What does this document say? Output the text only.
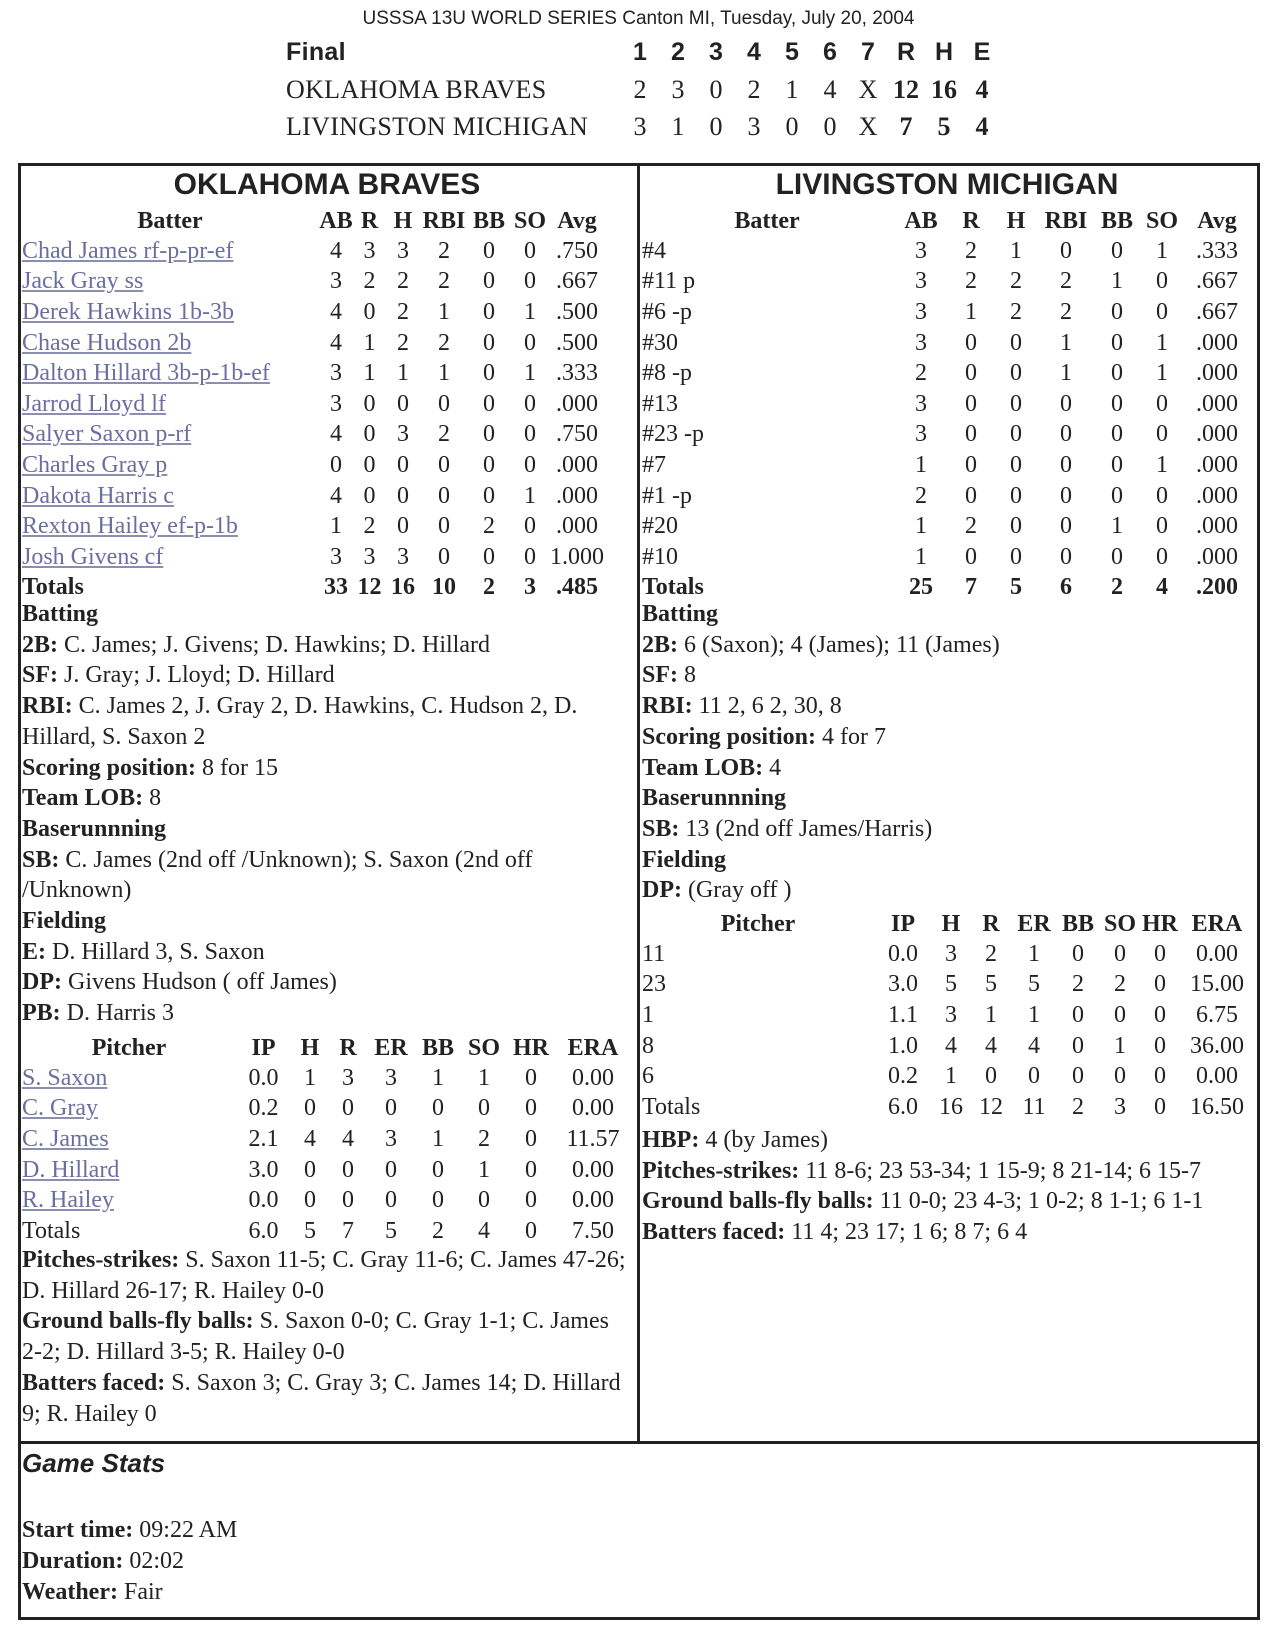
USSSA 13U WORLD SERIES Canton MI, Tuesday, July 20, 2004
Final	1	2	3	4	5	6	7	R	H	E
OKLAHOMA BRAVES	2	3	0	2	1	4	X	12	16	4
LIVINGSTON MICHIGAN	3	1	0	3	0	0	X	7	5	4
OKLAHOMA BRAVES
Batter	AB	R	H	RBI	BB	SO	Avg
Chad James rf-p-pr-ef	4	3	3	2	0	0	.750
Jack Gray ss	3	2	2	2	0	0	.667
Derek Hawkins 1b-3b	4	0	2	1	0	1	.500
Chase Hudson 2b	4	1	2	2	0	0	.500
Dalton Hillard 3b-p-1b-ef	3	1	1	1	0	1	.333
Jarrod Lloyd lf	3	0	0	0	0	0	.000
Salyer Saxon p-rf	4	0	3	2	0	0	.750
Charles Gray p	0	0	0	0	0	0	.000
Dakota Harris c	4	0	0	0	0	1	.000
Rexton Hailey ef-p-1b	1	2	0	0	2	0	.000
Josh Givens cf	3	3	3	0	0	0	1.000
Totals	33	12	16	10	2	3	.485
Batting
2B: C. James; J. Givens; D. Hawkins; D. Hillard
SF: J. Gray; J. Lloyd; D. Hillard
RBI: C. James 2, J. Gray 2, D. Hawkins, C. Hudson 2, D. Hillard, S. Saxon 2
Scoring position: 8 for 15
Team LOB: 8
Baserunnning
SB: C. James (2nd off /Unknown); S. Saxon (2nd off /Unknown)
Fielding
E: D. Hillard 3, S. Saxon
DP: Givens Hudson ( off James)
PB: D. Harris 3
Pitcher	IP	H	R	ER	BB	SO	HR	ERA
S. Saxon	0.0	1	3	3	1	1	0	0.00
C. Gray	0.2	0	0	0	0	0	0	0.00
C. James	2.1	4	4	3	1	2	0	11.57
D. Hillard	3.0	0	0	0	0	1	0	0.00
R. Hailey	0.0	0	0	0	0	0	0	0.00
Totals	6.0	5	7	5	2	4	0	7.50
Pitches-strikes: S. Saxon 11-5; C. Gray 11-6; C. James 47-26; D. Hillard 26-17; R. Hailey 0-0
Ground balls-fly balls: S. Saxon 0-0; C. Gray 1-1; C. James 2-2; D. Hillard 3-5; R. Hailey 0-0
Batters faced: S. Saxon 3; C. Gray 3; C. James 14; D. Hillard 9; R. Hailey 0
LIVINGSTON MICHIGAN
Batter	AB	R	H	RBI	BB	SO	Avg
#4	3	2	1	0	0	1	.333
#11 p	3	2	2	2	1	0	.667
#6 -p	3	1	2	2	0	0	.667
#30	3	0	0	1	0	1	.000
#8 -p	2	0	0	1	0	1	.000
#13	3	0	0	0	0	0	.000
#23 -p	3	0	0	0	0	0	.000
#7	1	0	0	0	0	1	.000
#1 -p	2	0	0	0	0	0	.000
#20	1	2	0	0	1	0	.000
#10	1	0	0	0	0	0	.000
Totals	25	7	5	6	2	4	.200
Batting
2B: 6 (Saxon); 4 (James); 11 (James)
SF: 8
RBI: 11 2, 6 2, 30, 8
Scoring position: 4 for 7
Team LOB: 4
Baserunnning
SB: 13 (2nd off James/Harris)
Fielding
DP: (Gray off )
Pitcher	IP	H	R	ER	BB	SO	HR	ERA
11	0.0	3	2	1	0	0	0	0.00
23	3.0	5	5	5	2	2	0	15.00
1	1.1	3	1	1	0	0	0	6.75
8	1.0	4	4	4	0	1	0	36.00
6	0.2	1	0	0	0	0	0	0.00
Totals	6.0	16	12	11	2	3	0	16.50
HBP: 4 (by James)
Pitches-strikes: 11 8-6; 23 53-34; 1 15-9; 8 21-14; 6 15-7
Ground balls-fly balls: 11 0-0; 23 4-3; 1 0-2; 8 1-1; 6 1-1
Batters faced: 11 4; 23 17; 1 6; 8 7; 6 4
Game Stats
Start time: 09:22 AM
Duration: 02:02
Weather: Fair
